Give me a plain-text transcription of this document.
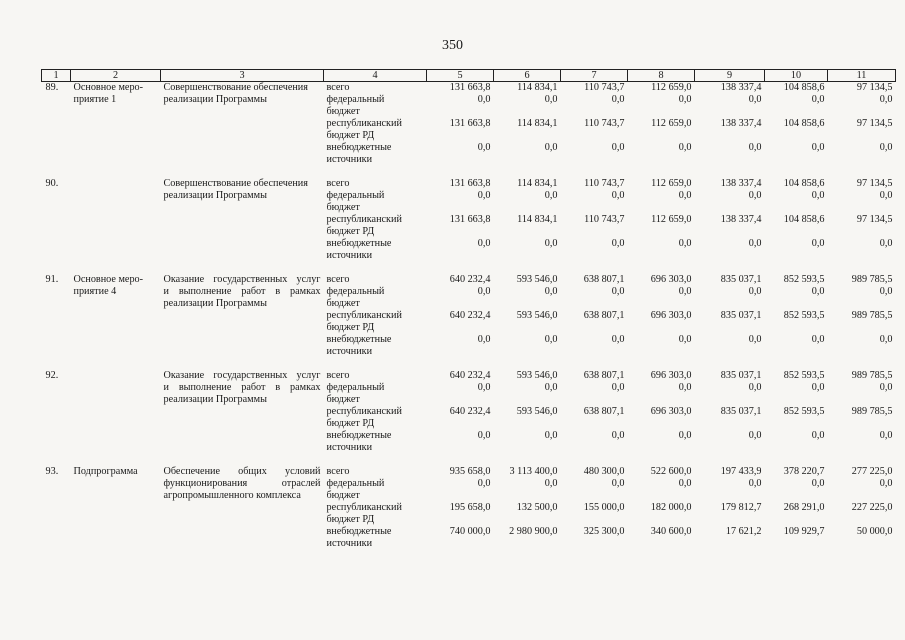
350
1	2	3	4	5	6	7	8	9	10	11
89.	Основное меро-	Совершенствование обеспечения	всего	131 663,8	114 834,1	110 743,7	112 659,0	138 337,4	104 858,6	97 134,5
	приятие 1	реализации Программы	федеральный	0,0	0,0	0,0	0,0	0,0	0,0	0,0
			бюджет							
			республиканский	131 663,8	114 834,1	110 743,7	112 659,0	138 337,4	104 858,6	97 134,5
			бюджет РД							
			внебюджетные	0,0	0,0	0,0	0,0	0,0	0,0	0,0
			источники							

90.		Совершенствование обеспечения	всего	131 663,8	114 834,1	110 743,7	112 659,0	138 337,4	104 858,6	97 134,5
		реализации Программы	федеральный	0,0	0,0	0,0	0,0	0,0	0,0	0,0
			бюджет							
			республиканский	131 663,8	114 834,1	110 743,7	112 659,0	138 337,4	104 858,6	97 134,5
			бюджет РД							
			внебюджетные	0,0	0,0	0,0	0,0	0,0	0,0	0,0
			источники							

91.	Основное меро-	Оказание государственных услуг	всего	640 232,4	593 546,0	638 807,1	696 303,0	835 037,1	852 593,5	989 785,5
	приятие 4	и выполнение работ в рамках	федеральный	0,0	0,0	0,0	0,0	0,0	0,0	0,0
		реализации Программы	бюджет							
			республиканский	640 232,4	593 546,0	638 807,1	696 303,0	835 037,1	852 593,5	989 785,5
			бюджет РД							
			внебюджетные	0,0	0,0	0,0	0,0	0,0	0,0	0,0
			источники							

92.		Оказание государственных услуг	всего	640 232,4	593 546,0	638 807,1	696 303,0	835 037,1	852 593,5	989 785,5
		и выполнение работ в рамках	федеральный	0,0	0,0	0,0	0,0	0,0	0,0	0,0
		реализации Программы	бюджет							
			республиканский	640 232,4	593 546,0	638 807,1	696 303,0	835 037,1	852 593,5	989 785,5
			бюджет РД							
			внебюджетные	0,0	0,0	0,0	0,0	0,0	0,0	0,0
			источники							

93.	Подпрограмма	Обеспечение общих условий	всего	935 658,0	3 113 400,0	480 300,0	522 600,0	197 433,9	378 220,7	277 225,0
		функционирования отраслей	федеральный	0,0	0,0	0,0	0,0	0,0	0,0	0,0
		агропромышленного комплекса	бюджет							
			республиканский	195 658,0	132 500,0	155 000,0	182 000,0	179 812,7	268 291,0	227 225,0
			бюджет РД							
			внебюджетные	740 000,0	2 980 900,0	325 300,0	340 600,0	17 621,2	109 929,7	50 000,0
			источники							
